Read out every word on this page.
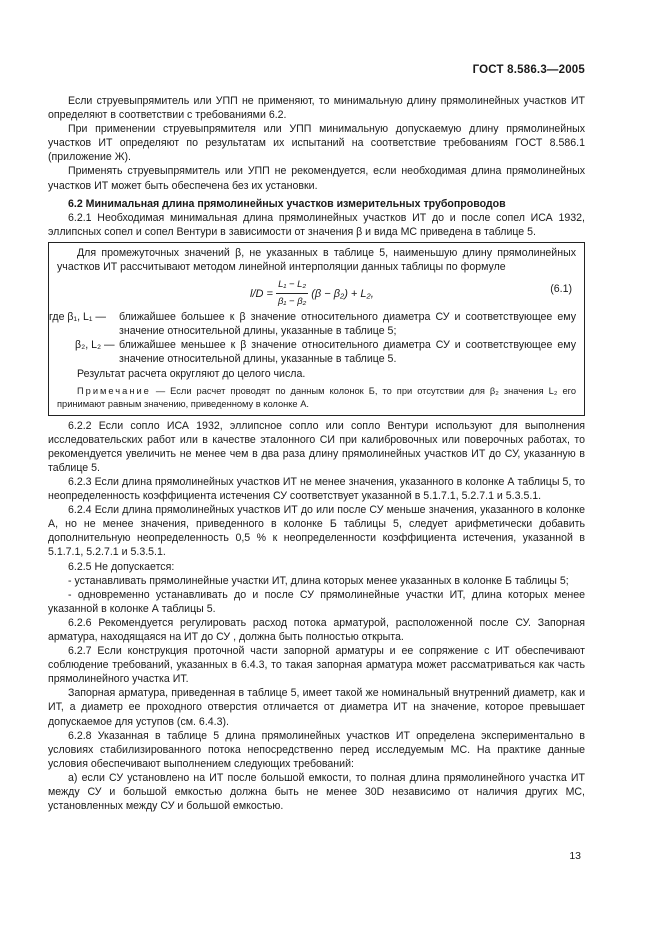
ГОСТ 8.586.3—2005

Если струевыпрямитель или УПП не применяют, то минимальную длину прямолинейных участков ИТ определяют в соответствии с требованиями 6.2.

При применении струевыпрямителя или УПП минимальную допускаемую длину прямолинейных участков ИТ определяют по результатам их испытаний на соответствие требованиям ГОСТ 8.586.1 (приложение Ж).

Применять струевыпрямитель или УПП не рекомендуется, если необходимая длина прямолинейных участков ИТ может быть обеспечена без их установки.

6.2 Минимальная длина прямолинейных участков измерительных трубопроводов

6.2.1 Необходимая минимальная длина прямолинейных участков ИТ до и после сопел ИСА 1932, эллипсных сопел и сопел Вентури в зависимости от значения β и вида МС приведена в таблице 5.

Для промежуточных значений β, не указанных в таблице 5, наименьшую длину прямолинейных участков ИТ рассчитывают методом линейной интерполяции данных таблицы по формуле

$l/D = \frac{\text{L₁ − L₂}}{\text{β₁ − β₂}} (\beta - \beta_2) + L_2$,	(6.1)
где β₁, L₁ —	ближайшее большее к β значение относительного диаметра СУ и соответствующее ему значение относительной длины, указанные в таблице 5;
β₂, L₂ — ближайшее меньшее к β значение относительного диаметра СУ и соответствующее ему значение относительной длины, указанные в таблице 5.

Результат расчета округляют до целого числа.

Примечание — Если расчет проводят по данным колонок Б, то при отсутствии для β₂ значения L₂ его принимают равным значению, приведенному в колонке А.

6.2.2 Если сопло ИСА 1932, эллипсное сопло или сопло Вентури используют для выполнения исследовательских работ или в качестве эталонного СИ при калибровочных или поверочных работах, то рекомендуется увеличить не менее чем в два раза длину прямолинейных участков ИТ до СУ, указанную в таблице 5.

6.2.3 Если длина прямолинейных участков ИТ не менее значения, указанного в колонке А таблицы 5, то неопределенность коэффициента истечения СУ соответствует указанной в 5.1.7.1, 5.2.7.1 и 5.3.5.1.

6.2.4 Если длина прямолинейных участков ИТ до или после СУ меньше значения, указанного в колонке А, но не менее значения, приведенного в колонке Б таблицы 5, следует арифметически добавить дополнительную неопределенность 0,5 % к неопределенности коэффициента истечения, указанной в 5.1.7.1, 5.2.7.1 и 5.3.5.1.

6.2.5 Не допускается:

- устанавливать прямолинейные участки ИТ, длина которых менее указанных в колонке Б таблицы 5;

- одновременно устанавливать до и после СУ прямолинейные участки ИТ, длина которых менее указанной в колонке А таблицы 5.

6.2.6 Рекомендуется регулировать расход потока арматурой, расположенной после СУ. Запорная арматура, находящаяся на ИТ до СУ , должна быть полностью открыта.

6.2.7 Если конструкция проточной части запорной арматуры и ее сопряжение с ИТ обеспечивают соблюдение требований, указанных в 6.4.3, то такая запорная арматура может рассматриваться как часть прямолинейного участка ИТ.

Запорная арматура, приведенная в таблице 5, имеет такой же номинальный внутренний диаметр, как и ИТ, а диаметр ее проходного отверстия отличается от диаметра ИТ на значение, которое превышает допускаемое для уступов (см. 6.4.3).

6.2.8 Указанная в таблице 5 длина прямолинейных участков ИТ определена экспериментально в условиях стабилизированного потока непосредственно перед исследуемым МС. На практике данные условия обеспечивают выполнением следующих требований:

а) если СУ установлено на ИТ после большой емкости, то полная длина прямолинейного участка ИТ между СУ и большой емкостью должна быть не менее 30D независимо от наличия других МС, установленных между СУ и большой емкостью.

13
